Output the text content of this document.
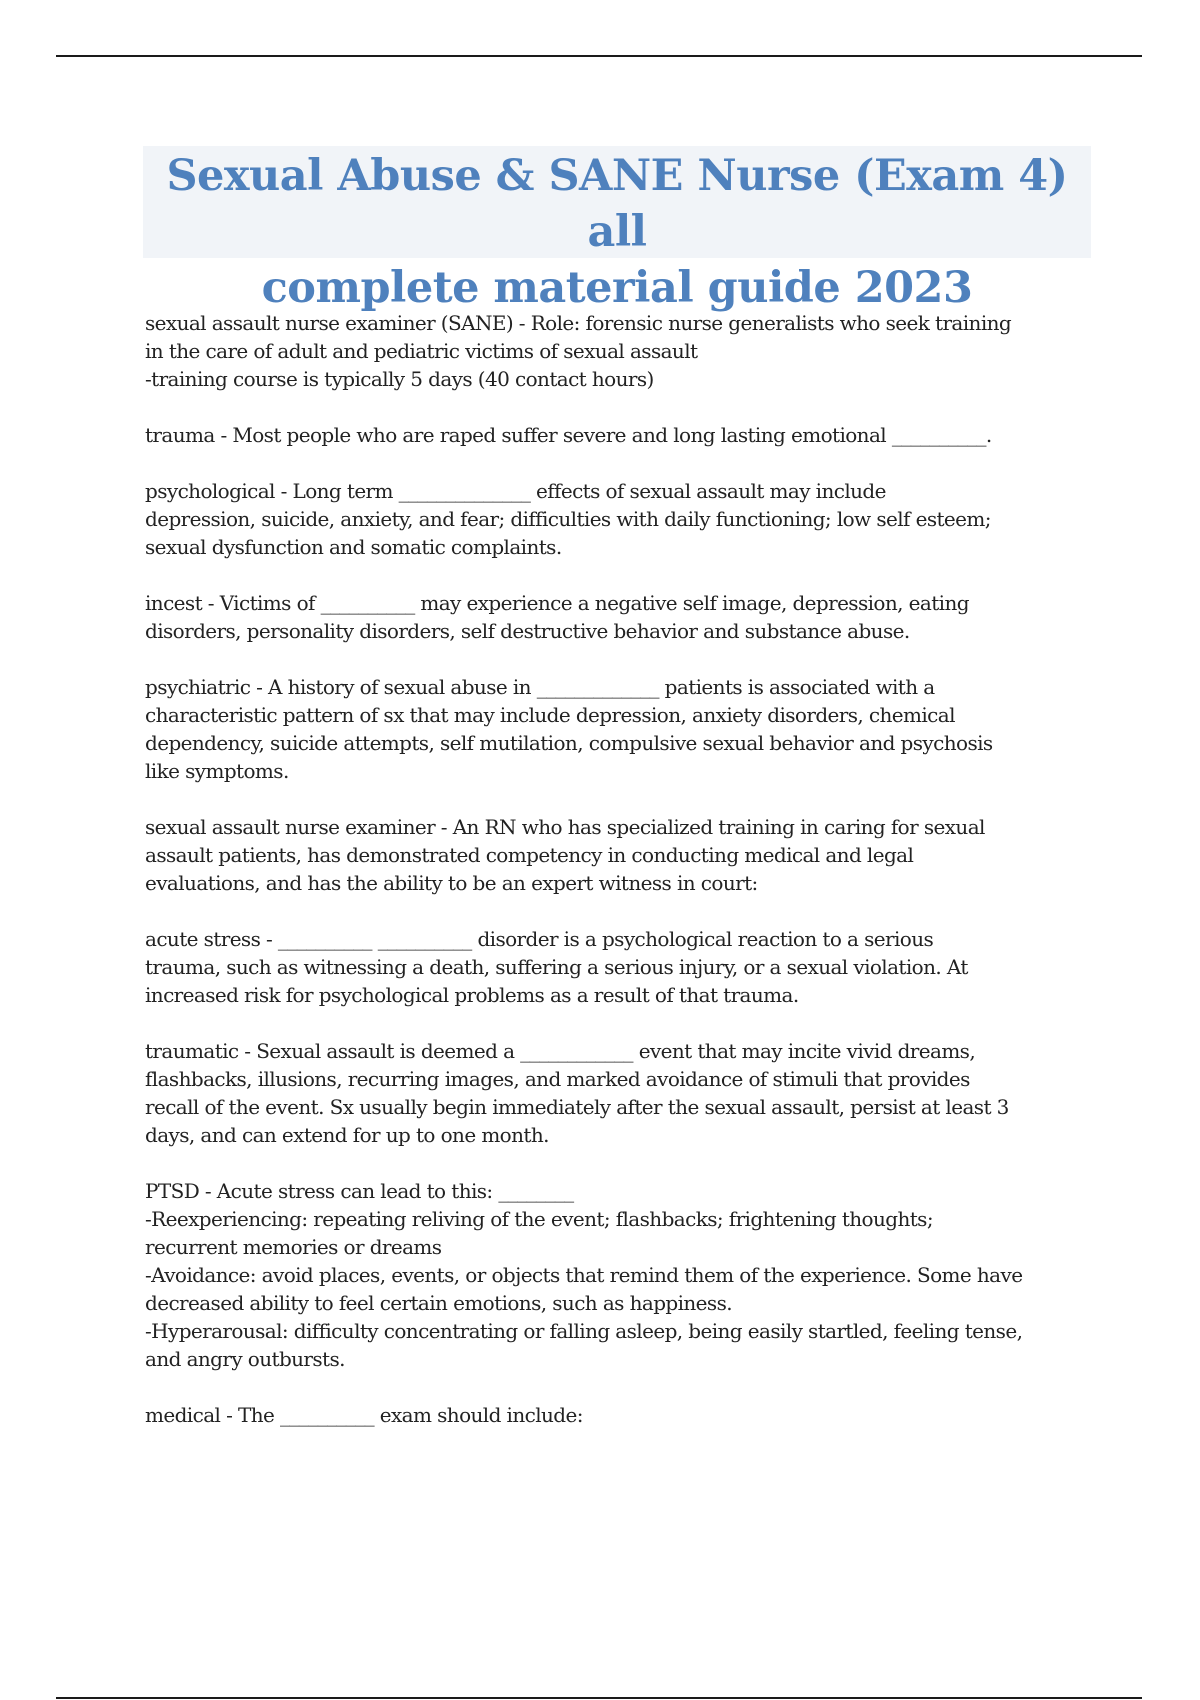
Sexual Abuse & SANE Nurse (Exam 4) all
complete material guide 2023

sexual assault nurse examiner (SANE) - Role: forensic nurse generalists who seek training

in the care of adult and pediatric victims of sexual assault

-training course is typically 5 days (40 contact hours)

trauma - Most people who are raped suffer severe and long lasting emotional __________.

psychological - Long term ______________ effects of sexual assault may include

depression, suicide, anxiety, and fear; difficulties with daily functioning; low self esteem;

sexual dysfunction and somatic complaints.

incest - Victims of __________ may experience a negative self image, depression, eating

disorders, personality disorders, self destructive behavior and substance abuse.

psychiatric - A history of sexual abuse in _____________ patients is associated with a

characteristic pattern of sx that may include depression, anxiety disorders, chemical

dependency, suicide attempts, self mutilation, compulsive sexual behavior and psychosis

like symptoms.

sexual assault nurse examiner - An RN who has specialized training in caring for sexual

assault patients, has demonstrated competency in conducting medical and legal

evaluations, and has the ability to be an expert witness in court:

acute stress - __________ __________ disorder is a psychological reaction to a serious

trauma, such as witnessing a death, suffering a serious injury, or a sexual violation. At

increased risk for psychological problems as a result of that trauma.

traumatic - Sexual assault is deemed a ____________ event that may incite vivid dreams,

flashbacks, illusions, recurring images, and marked avoidance of stimuli that provides

recall of the event. Sx usually begin immediately after the sexual assault, persist at least 3

days, and can extend for up to one month.

PTSD - Acute stress can lead to this: ________

-Reexperiencing: repeating reliving of the event; flashbacks; frightening thoughts;

recurrent memories or dreams

-Avoidance: avoid places, events, or objects that remind them of the experience. Some have

decreased ability to feel certain emotions, such as happiness.

-Hyperarousal: difficulty concentrating or falling asleep, being easily startled, feeling tense,

and angry outbursts.

medical - The __________ exam should include:
